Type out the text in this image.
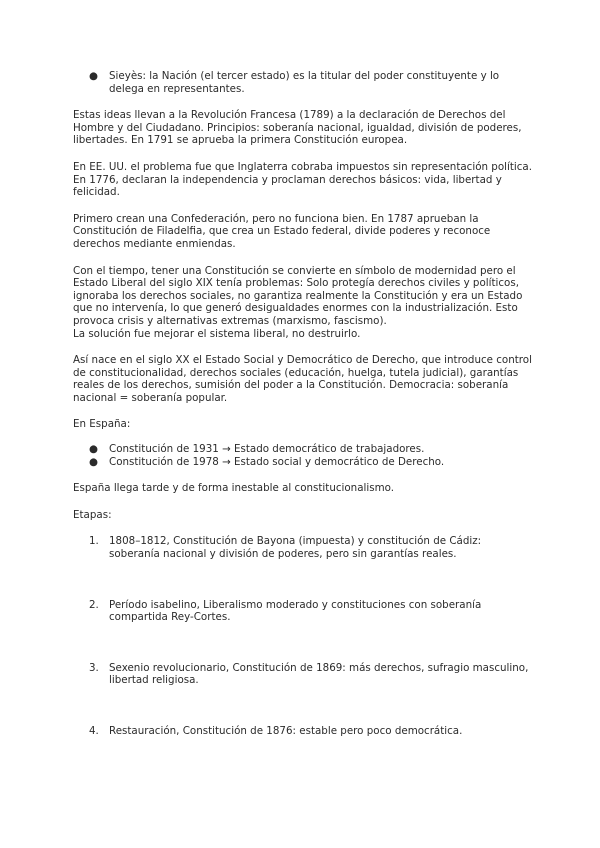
● Sieyès: la Nación (el tercer estado) es la titular del poder constituyente y lo delega en representantes.

Estas ideas llevan a la Revolución Francesa (1789) a la declaración de Derechos del Hombre y del Ciudadano. Principios: soberanía nacional, igualdad, división de poderes, libertades. En 1791 se aprueba la primera Constitución europea.

En EE. UU. el problema fue que Inglaterra cobraba impuestos sin representación política. En 1776, declaran la independencia y proclaman derechos básicos: vida, libertad y felicidad.

Primero crean una Confederación, pero no funciona bien. En 1787 aprueban la Constitución de Filadelfia, que crea un Estado federal, divide poderes y reconoce derechos mediante enmiendas.

Con el tiempo, tener una Constitución se convierte en símbolo de modernidad pero el Estado Liberal del siglo XIX tenía problemas: Solo protegía derechos civiles y políticos, ignoraba los derechos sociales, no garantiza realmente la Constitución y era un Estado que no intervenía, lo que generó desigualdades enormes con la industrialización. Esto provoca crisis y alternativas extremas (marxismo, fascismo).

La solución fue mejorar el sistema liberal, no destruirlo.

Así nace en el siglo XX el Estado Social y Democrático de Derecho, que introduce control de constitucionalidad, derechos sociales (educación, huelga, tutela judicial), garantías reales de los derechos, sumisión del poder a la Constitución. Democracia: soberanía nacional = soberanía popular.

En España:

● Constitución de 1931 → Estado democrático de trabajadores.

● Constitución de 1978 → Estado social y democrático de Derecho.

España llega tarde y de forma inestable al constitucionalismo.

Etapas:

1. 1808–1812, Constitución de Bayona (impuesta) y constitución de Cádiz: soberanía nacional y división de poderes, pero sin garantías reales.

2. Período isabelino, Liberalismo moderado y constituciones con soberanía compartida Rey-Cortes.

3. Sexenio revolucionario, Constitución de 1869: más derechos, sufragio masculino, libertad religiosa.

4. Restauración, Constitución de 1876: estable pero poco democrática.
